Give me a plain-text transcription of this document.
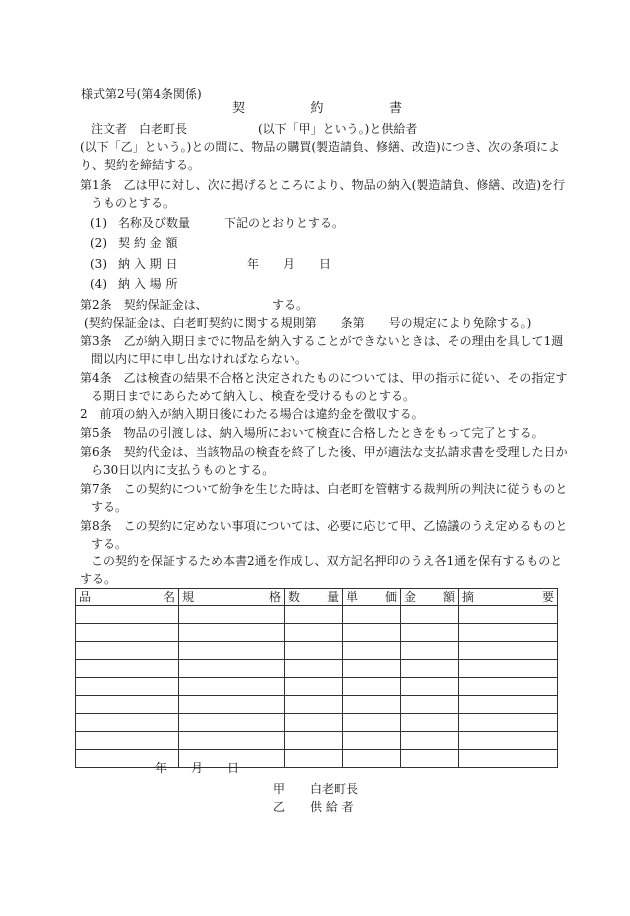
様式第2号(第4条関係)
契	約	書
注文者　白老町長	(以下「甲」という。)と供給者
(以下「乙」という。)との間に、物品の購買(製造請負、修繕、改造)につき、次の条項によ
り、契約を締結する。
第1条　乙は甲に対し、次に掲げるところにより、物品の納入(製造請負、修繕、改造)を行
うものとする。
(1) 名称及び数量	下記のとおりとする。
(2) 契 約 金 額
(3) 納 入 期 日	年　　月　　日
(4) 納 入 場 所
第2条　契約保証金は、	する。
(契約保証金は、白老町契約に関する規則第　　条第　　号の規定により免除する。)
第3条　乙が納入期日までに物品を納入することができないときは、その理由を具して1週
間以内に甲に申し出なければならない。
第4条　乙は検査の結果不合格と決定されたものについては、甲の指示に従い、その指定す
る期日までにあらためて納入し、検査を受けるものとする。
2　前項の納入が納入期日後にわたる場合は違約金を徴収する。
第5条　物品の引渡しは、納入場所において検査に合格したときをもって完了とする。
第6条　契約代金は、当該物品の検査を終了した後、甲が適法な支払請求書を受理した日か
ら30日以内に支払うものとする。
第7条　この契約について紛争を生じた時は、白老町を管轄する裁判所の判決に従うものと
する。
第8条　この契約に定めない事項については、必要に応じて甲、乙協議のうえ定めるものと
する。
この契約を保証するため本書2通を作成し、双方記名押印のうえ各1通を保有するものと
する。
品 名	規 格	数 量	単 価	金 額	摘 要

年　　月　　日
甲 白老町長
乙 供 給 者
